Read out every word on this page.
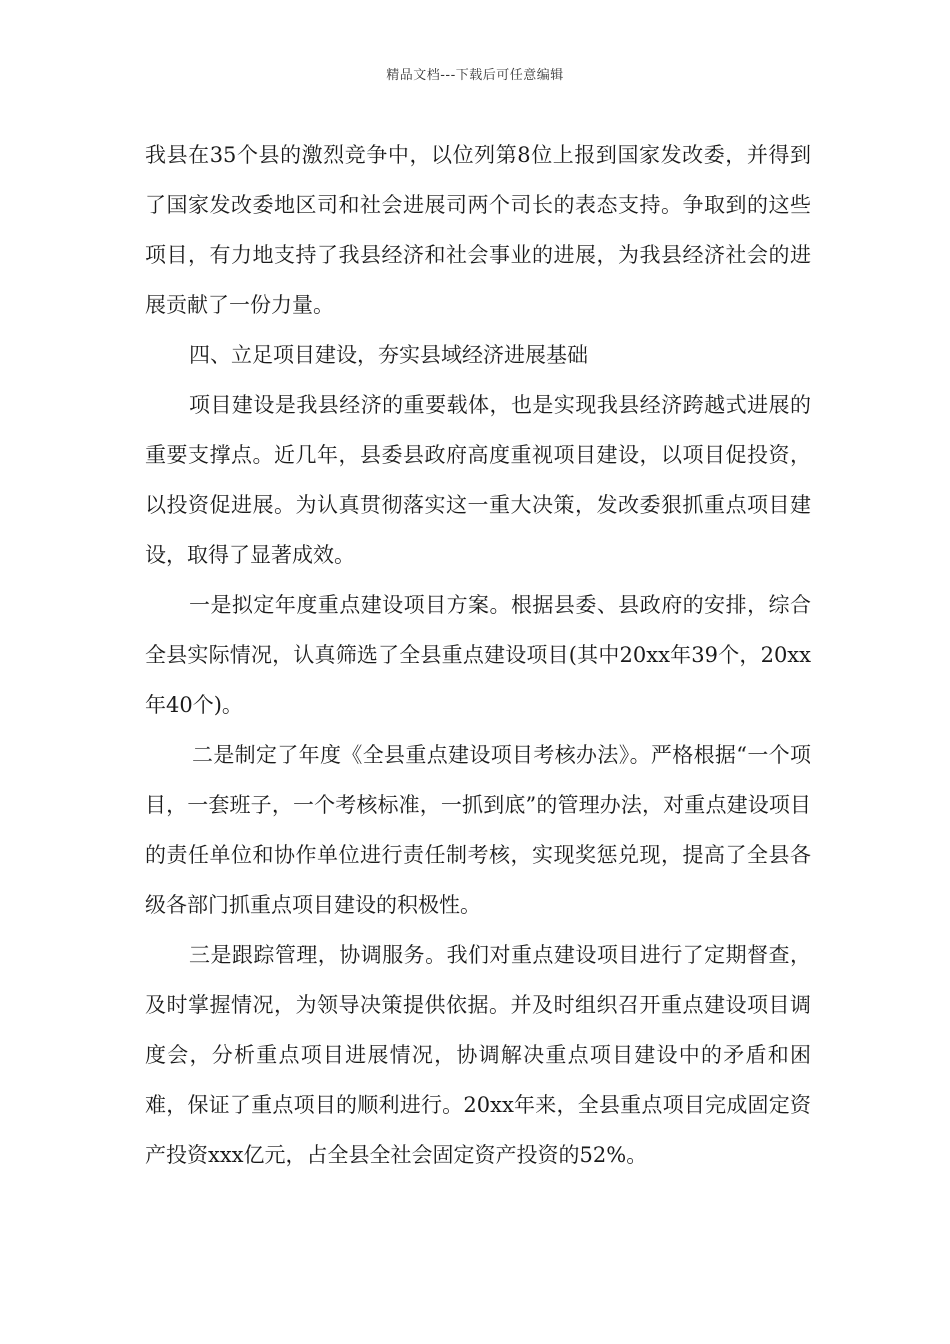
精品文档---下载后可任意编辑

我县在35个县的激烈竞争中，以位列第8位上报到国家发改委，并得到了国家发改委地区司和社会进展司两个司长的表态支持。争取到的这些项目，有力地支持了我县经济和社会事业的进展，为我县经济社会的进展贡献了一份力量。

四、立足项目建设，夯实县域经济进展基础

项目建设是我县经济的重要载体，也是实现我县经济跨越式进展的重要支撑点。近几年，县委县政府高度重视项目建设，以项目促投资，以投资促进展。为认真贯彻落实这一重大决策，发改委狠抓重点项目建设，取得了显著成效。

一是拟定年度重点建设项目方案。根据县委、县政府的安排，综合全县实际情况，认真筛选了全县重点建设项目(其中20xx年39个，20xx年40个)。

二是制定了年度《全县重点建设项目考核办法》。严格根据“一个项目，一套班子，一个考核标准，一抓到底”的管理办法，对重点建设项目的责任单位和协作单位进行责任制考核，实现奖惩兑现，提高了全县各级各部门抓重点项目建设的积极性。

三是跟踪管理，协调服务。我们对重点建设项目进行了定期督查，及时掌握情况，为领导决策提供依据。并及时组织召开重点建设项目调度会，分析重点项目进展情况，协调解决重点项目建设中的矛盾和困难，保证了重点项目的顺利进行。20xx年来，全县重点项目完成固定资产投资xxx亿元，占全县全社会固定资产投资的52%。
